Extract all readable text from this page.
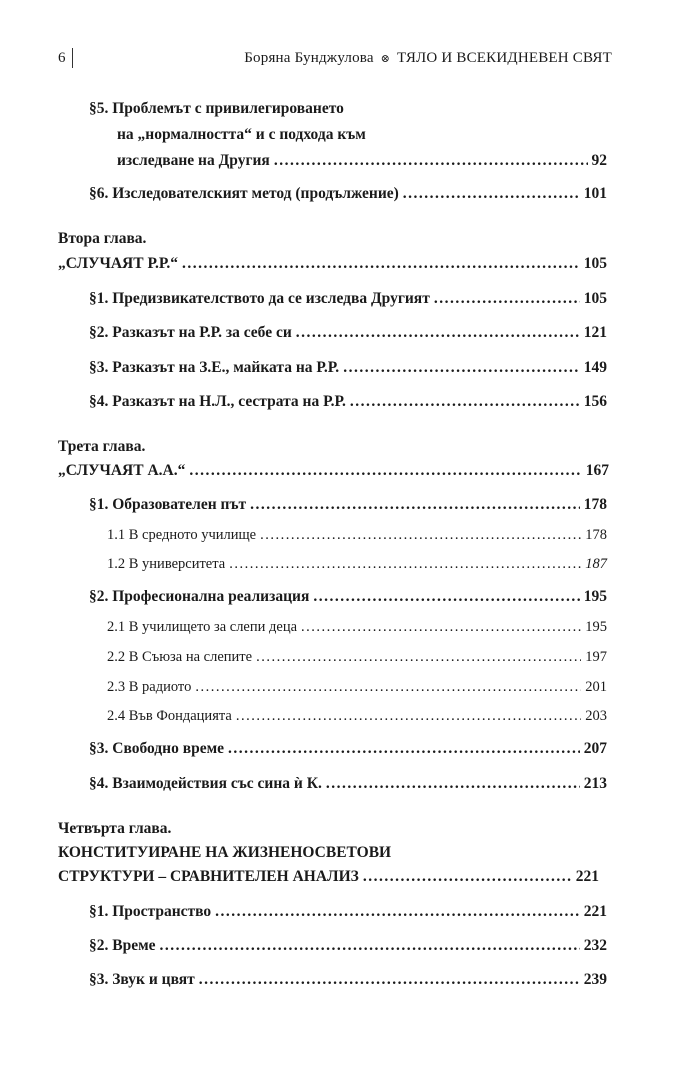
6	Боряна Бунджулова ⊗ ТЯЛО И ВСЕКИДНЕВЕН СВЯТ
§5. Проблемът с привилегироването
на „нормалността“ и с подхода към
изследване на Другия .....	92
§6. Изследователският метод (продължение) .....	101
Втора глава.
„СЛУЧАЯТ Р.Р.“ .....	105
§1. Предизвикателството да се изследва Другият .....	105
§2. Разказът на Р.Р. за себе си .....	121
§3. Разказът на З.Е., майката на Р.Р. .....	149
§4. Разказът на Н.Л., сестрата на Р.Р. .....	156
Трета глава.
„СЛУЧАЯТ А.А.“ .....	167
§1. Образователен път .....	178
1.1 В средното училище .....	178
1.2 В университета .....	187
§2. Професионална реализация .....	195
2.1 В училището за слепи деца .....	195
2.2 В Съюза на слепите .....	197
2.3 В радиото .....	201
2.4 Във Фондацията .....	203
§3. Свободно време .....	207
§4. Взаимодействия със сина ѝ К. .....	213
Четвърта глава.
КОНСТИТУИРАНЕ НА ЖИЗНЕНОСВЕТОВИ
СТРУКТУРИ – СРАВНИТЕЛЕН АНАЛИЗ .....	221
§1. Пространство .....	221
§2. Време .....	232
§3. Звук и цвят .....	239
